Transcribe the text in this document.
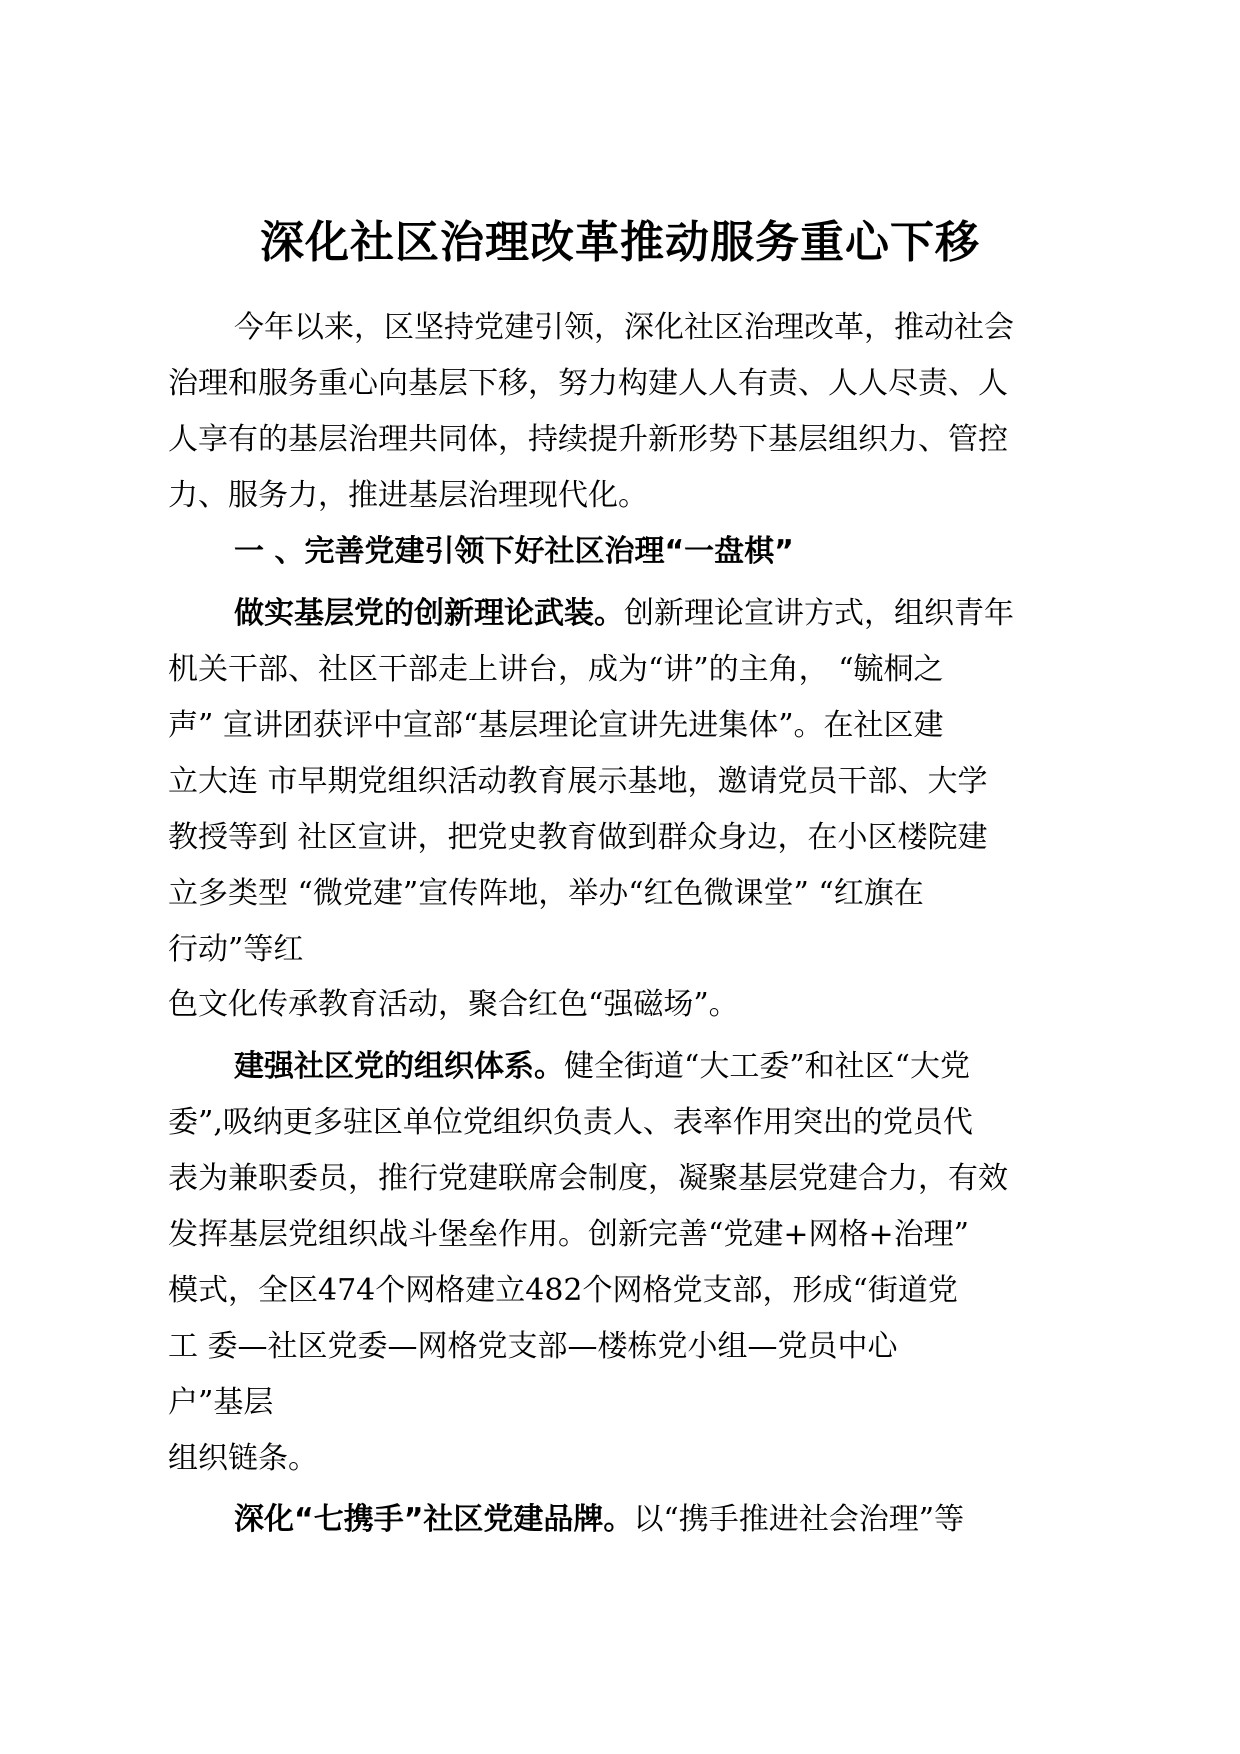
深化社区治理改革推动服务重心下移
今年以来，区坚持党建引领，深化社区治理改革，推动社会
治理和服务重心向基层下移，努力构建人人有责、人人尽责、人
人享有的基层治理共同体，持续提升新形势下基层组织力、管控
力、服务力，推进基层治理现代化。
一 、完善党建引领下好社区治理“一盘棋”
做实基层党的创新理论武装。创新理论宣讲方式，组织青年
机关干部、社区干部走上讲台，成为“讲”的主角， “毓桐之
声” 宣讲团获评中宣部“基层理论宣讲先进集体”。在社区建
立大连 市早期党组织活动教育展示基地，邀请党员干部、大学
教授等到 社区宣讲，把党史教育做到群众身边，在小区楼院建
立多类型 “微党建”宣传阵地，举办“红色微课堂” “红旗在
行动”等红
色文化传承教育活动，聚合红色“强磁场”。
建强社区党的组织体系。健全街道“大工委”和社区“大党
委”,吸纳更多驻区单位党组织负责人、表率作用突出的党员代
表为兼职委员，推行党建联席会制度，凝聚基层党建合力，有效
发挥基层党组织战斗堡垒作用。创新完善“党建+网格+治理”
模式，全区474个网格建立482个网格党支部，形成“街道党
工 委—社区党委—网格党支部—楼栋党小组—党员中心
户”基层
组织链条。
深化“七携手”社区党建品牌。以“携手推进社会治理”等
